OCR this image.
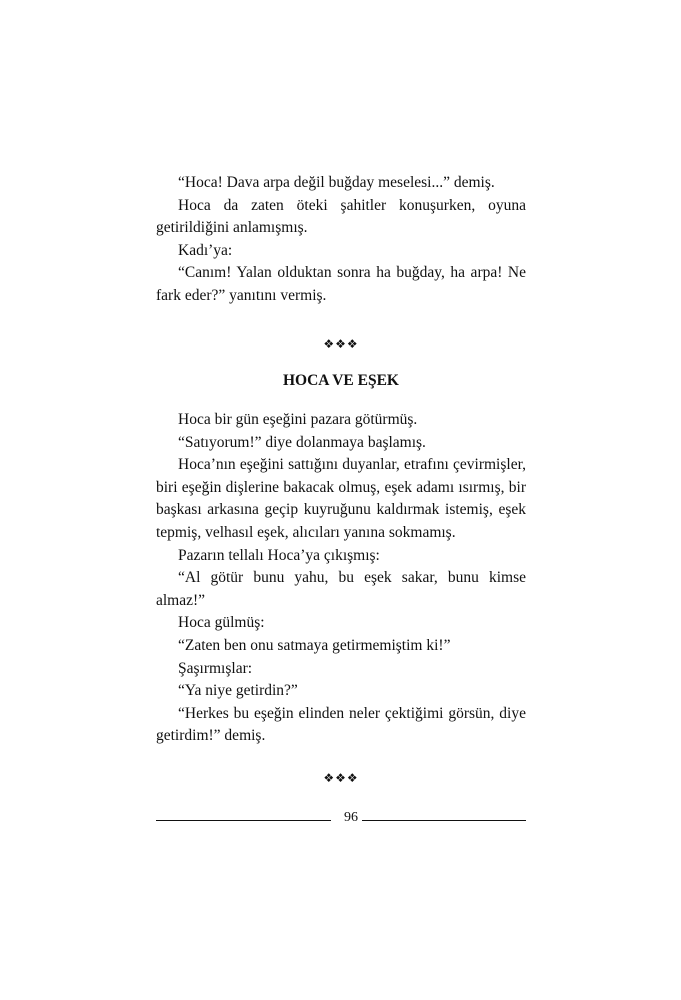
“Hoca! Dava arpa değil buğday meselesi...” demiş.

Hoca da zaten öteki şahitler konuşurken, oyuna getirildiğini anlamışmış.

Kadı’ya:

“Canım! Yalan olduktan sonra ha buğday, ha arpa! Ne fark eder?” yanıtını vermiş.

❖❖❖
HOCA VE EŞEK

Hoca bir gün eşeğini pazara götürmüş.

“Satıyorum!” diye dolanmaya başlamış.

Hoca’nın eşeğini sattığını duyanlar, etrafını çevirmişler, biri eşeğin dişlerine bakacak olmuş, eşek adamı ısırmış, bir başkası arkasına geçip kuyruğunu kaldırmak istemiş, eşek tepmiş, velhasıl eşek, alıcıları yanına sokmamış.

Pazarın tellalı Hoca’ya çıkışmış:

“Al götür bunu yahu, bu eşek sakar, bunu kimse almaz!”

Hoca gülmüş:

“Zaten ben onu satmaya getirmemiştim ki!”

Şaşırmışlar:

“Ya niye getirdin?”

“Herkes bu eşeğin elinden neler çektiğimi görsün, diye getirdim!” demiş.

❖❖❖
96
